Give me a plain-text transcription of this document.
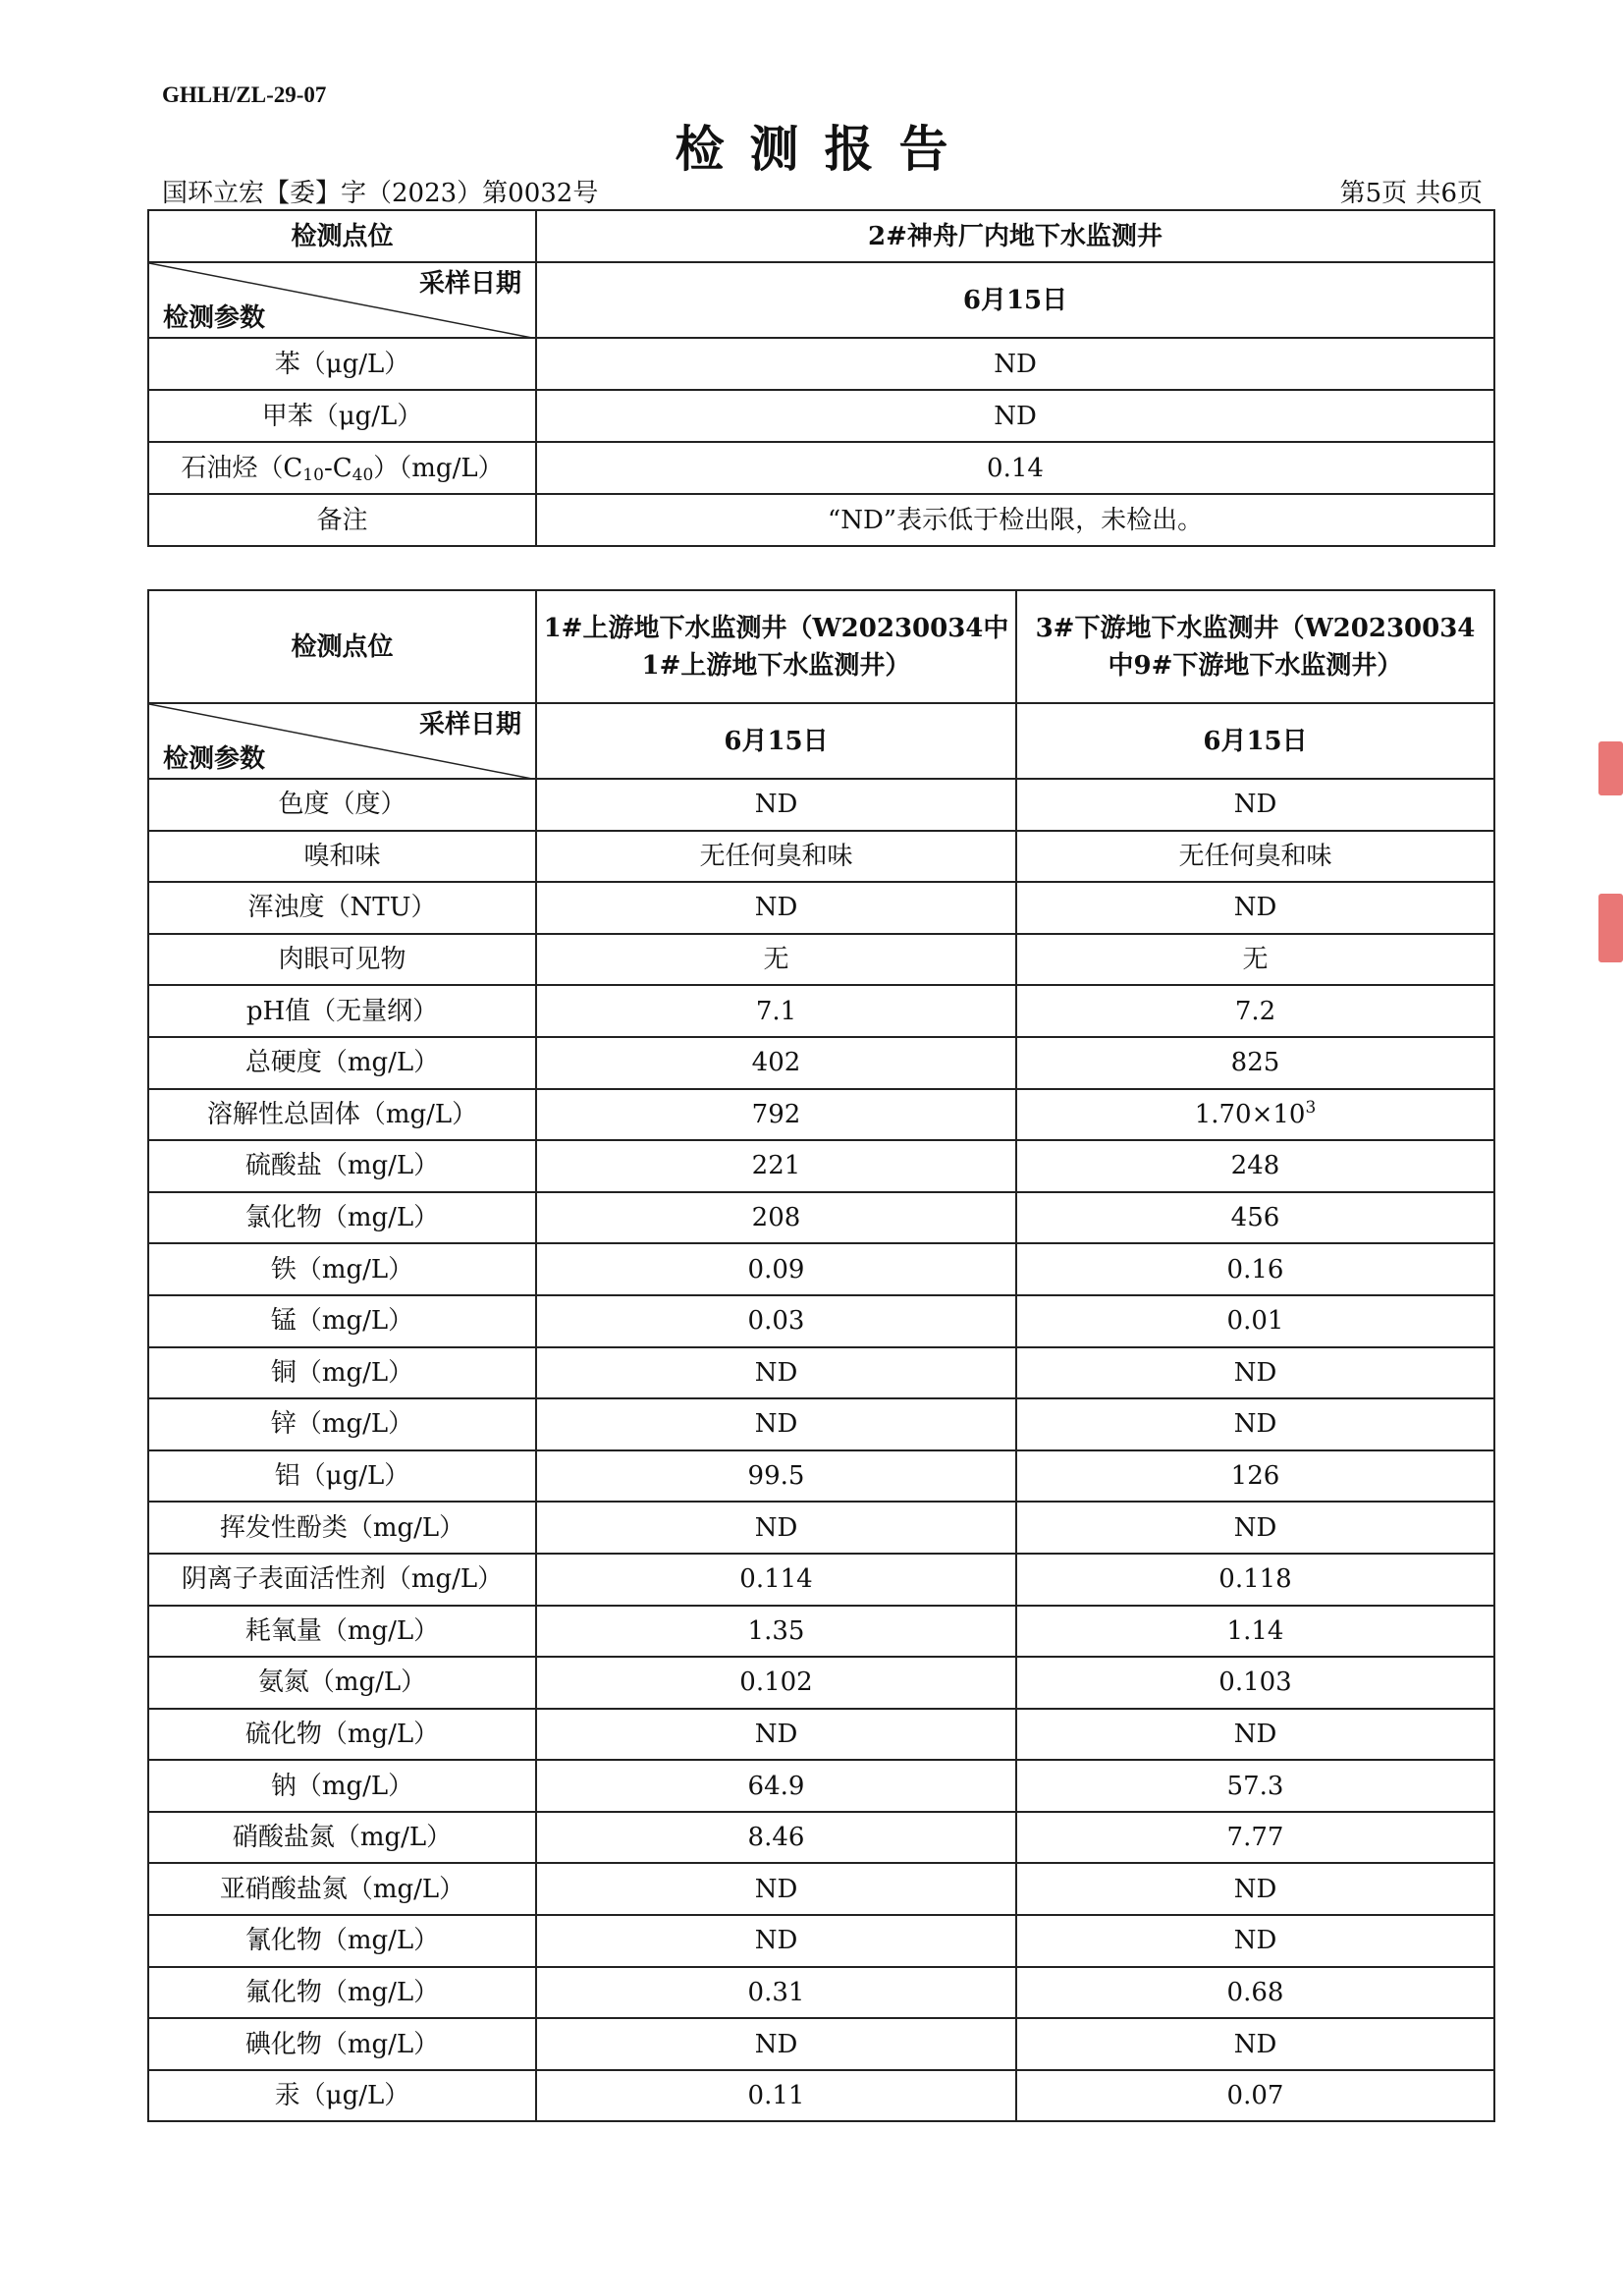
GHLH/ZL-29-07
检测报告
国环立宏【委】字（2023）第0032号	第5页 共6页
检测点位	2#神舟厂内地下水监测井

采样日期
检测参数	6月15日
苯（μg/L）	ND
甲苯（μg/L）	ND
石油烃$(C_{10}-C_{40})(mg/L)$	0.14
备注	“ND”表示低于检出限，未检出。
检测点位	1#上游地下水监测井（W20230034中1#上游地下水监测井）	3#下游地下水监测井（W20230034中9#下游地下水监测井）

采样日期
检测参数	6月15日	6月15日
色度（度）	ND	ND
嗅和味	无任何臭和味	无任何臭和味
浑浊度（NTU）	ND	ND
肉眼可见物	无	无
pH值（无量纲）	7.1	7.2
总硬度（mg/L）	402	825
溶解性总固体（mg/L）	792	$1.70\times 10^3$
硫酸盐（mg/L）	221	248
氯化物（mg/L）	208	456
铁（mg/L）	0.09	0.16
锰（mg/L）	0.03	0.01
铜（mg/L）	ND	ND
锌（mg/L）	ND	ND
铝（μg/L）	99.5	126
挥发性酚类（mg/L）	ND	ND
阴离子表面活性剂（mg/L）	0.114	0.118
耗氧量（mg/L）	1.35	1.14
氨氮（mg/L）	0.102	0.103
硫化物（mg/L）	ND	ND
钠（mg/L）	64.9	57.3
硝酸盐氮（mg/L）	8.46	7.77
亚硝酸盐氮（mg/L）	ND	ND
氰化物（mg/L）	ND	ND
氟化物（mg/L）	0.31	0.68
碘化物（mg/L）	ND	ND
汞（μg/L）	0.11	0.07
